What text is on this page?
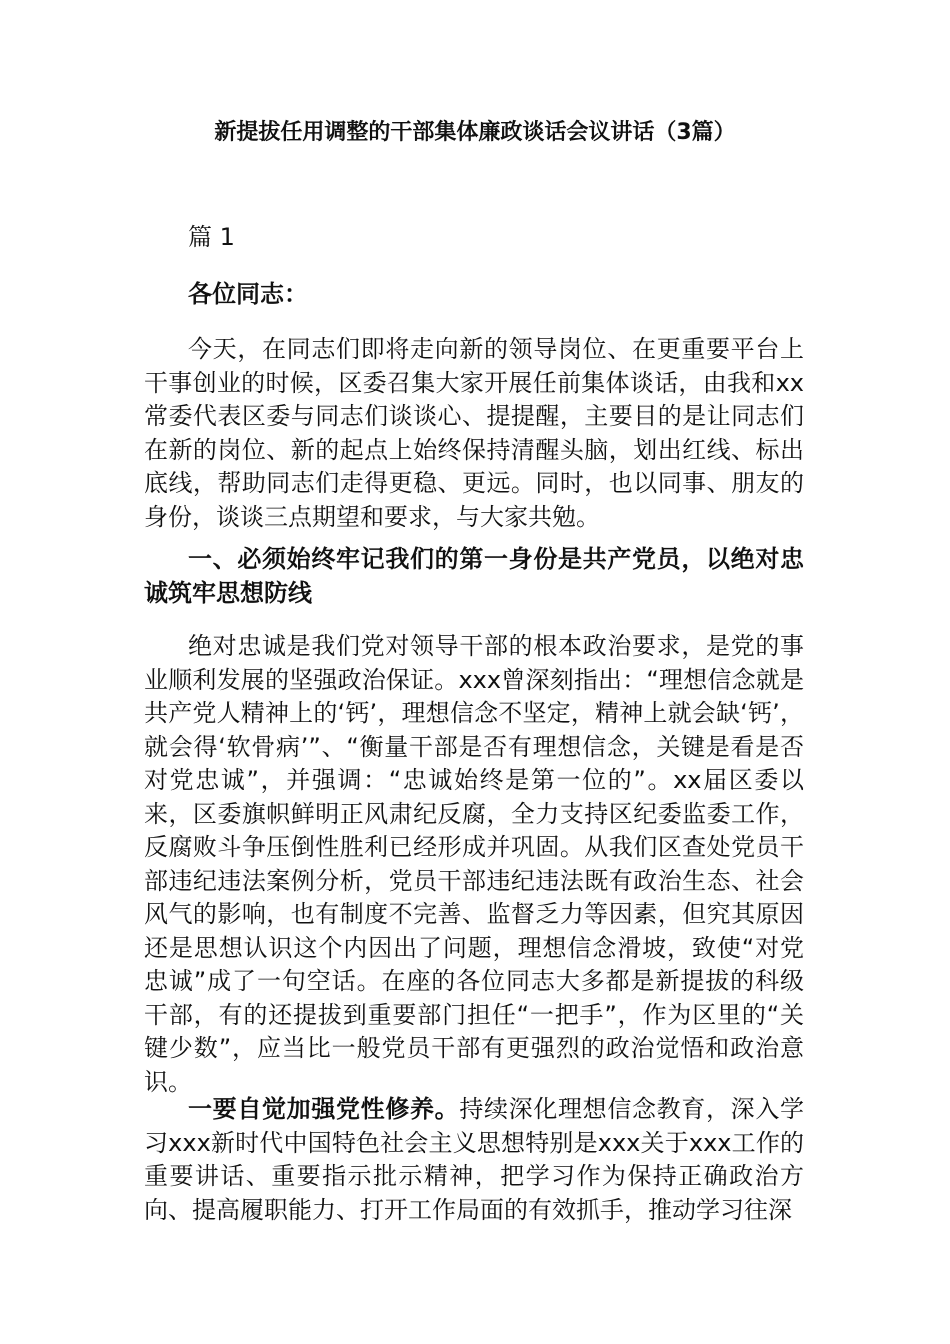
新提拔任用调整的干部集体廉政谈话会议讲话（3篇）

篇 1

各位同志：

今天，在同志们即将走向新的领导岗位、在更重要平台上干事创业的时候，区委召集大家开展任前集体谈话，由我和xx常委代表区委与同志们谈谈心、提提醒，主要目的是让同志们在新的岗位、新的起点上始终保持清醒头脑，划出红线、标出底线，帮助同志们走得更稳、更远。同时，也以同事、朋友的身份，谈谈三点期望和要求，与大家共勉。

一、必须始终牢记我们的第一身份是共产党员，以绝对忠诚筑牢思想防线

绝对忠诚是我们党对领导干部的根本政治要求，是党的事业顺利发展的坚强政治保证。xxx曾深刻指出：“理想信念就是共产党人精神上的‘钙’，理想信念不坚定，精神上就会缺‘钙’，就会得‘软骨病’”、“衡量干部是否有理想信念，关键是看是否对党忠诚”，并强调：“忠诚始终是第一位的”。xx届区委以来，区委旗帜鲜明正风肃纪反腐，全力支持区纪委监委工作，反腐败斗争压倒性胜利已经形成并巩固。从我们区查处党员干部违纪违法案例分析，党员干部违纪违法既有政治生态、社会风气的影响，也有制度不完善、监督乏力等因素，但究其原因还是思想认识这个内因出了问题，理想信念滑坡，致使“对党忠诚”成了一句空话。在座的各位同志大多都是新提拔的科级干部，有的还提拔到重要部门担任“一把手”，作为区里的“关键少数”，应当比一般党员干部有更强烈的政治觉悟和政治意识。

一要自觉加强党性修养。持续深化理想信念教育，深入学习xxx新时代中国特色社会主义思想特别是xxx关于xxx工作的重要讲话、重要指示批示精神，把学习作为保持正确政治方向、提高履职能力、打开工作局面的有效抓手，推动学习往深
